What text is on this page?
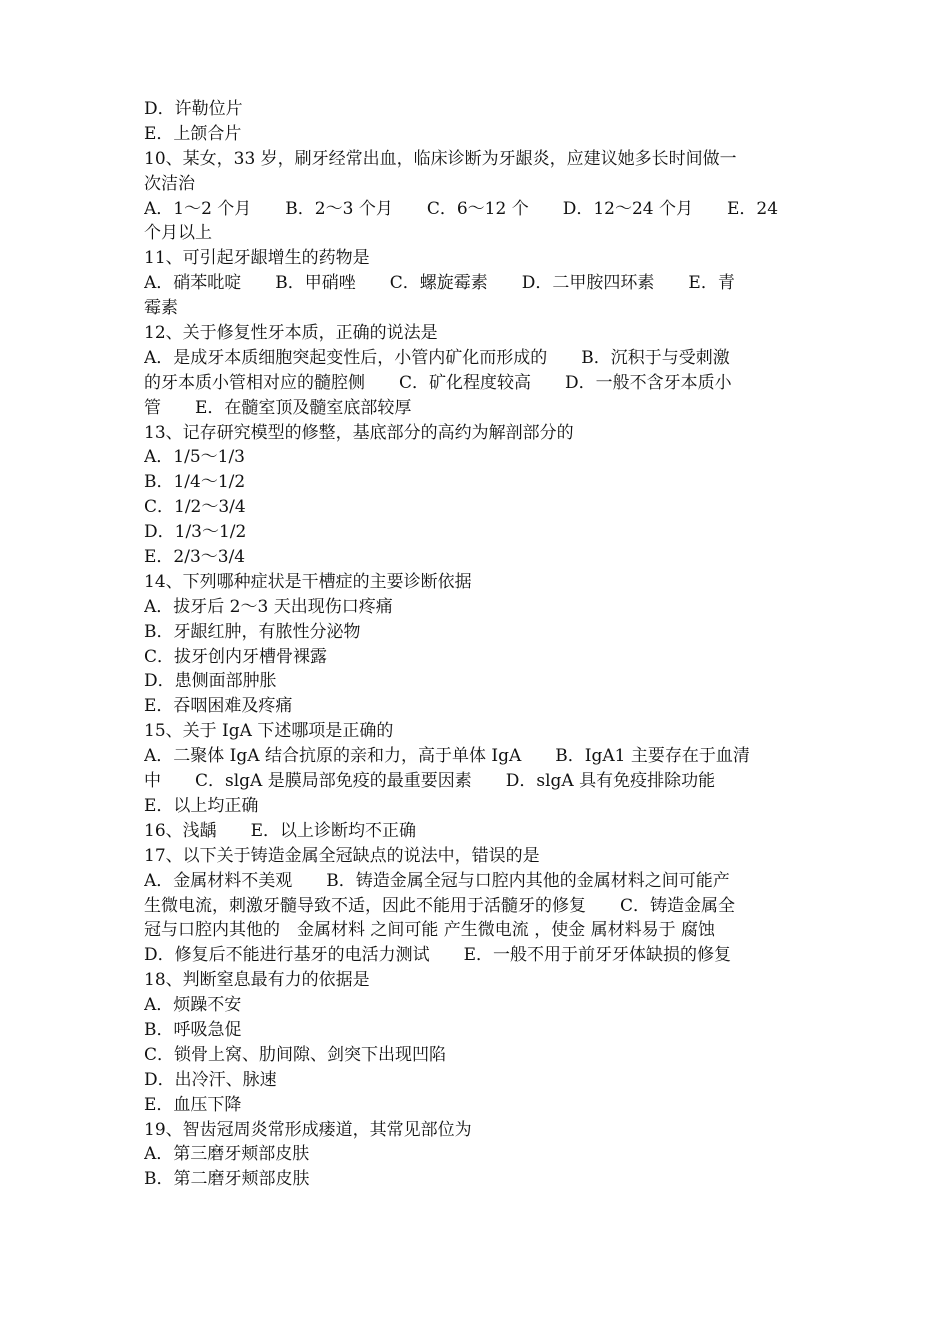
D．许勒位片
E．上颌合片
10、某女，33 岁，刷牙经常出血，临床诊断为牙龈炎，应建议她多长时间做一
次洁治
A．1～2 个月　　B．2～3 个月　　C．6～12 个　　D．12～24 个月　　E．24
个月以上
11、可引起牙龈增生的药物是
A．硝苯吡啶　　B．甲硝唑　　C．螺旋霉素　　D．二甲胺四环素　　E．青
霉素
12、关于修复性牙本质，正确的说法是
A．是成牙本质细胞突起变性后，小管内矿化而形成的　　B．沉积于与受刺激
的牙本质小管相对应的髓腔侧　　C．矿化程度较高　　D．一般不含牙本质小
管　　E．在髓室顶及髓室底部较厚
13、记存研究模型的修整，基底部分的高约为解剖部分的
A．1/5～1/3
B．1/4～1/2
C．1/2～3/4
D．1/3～1/2
E．2/3～3/4
14、下列哪种症状是干槽症的主要诊断依据
A．拔牙后 2～3 天出现伤口疼痛
B．牙龈红肿，有脓性分泌物
C．拔牙创内牙槽骨裸露
D．患侧面部肿胀
E．吞咽困难及疼痛
15、关于 IgA 下述哪项是正确的
A．二聚体 IgA 结合抗原的亲和力，高于单体 IgA　　B．IgA1 主要存在于血清
中　　C．slgA 是膜局部免疫的最重要因素　　D．slgA 具有免疫排除功能
E．以上均正确
16、浅龋　　E．以上诊断均不正确
17、以下关于铸造金属全冠缺点的说法中，错误的是
A．金属材料不美观　　B．铸造金属全冠与口腔内其他的金属材料之间可能产
生微电流，刺激牙髓导致不适，因此不能用于活髓牙的修复　　C．铸造金属全
冠与口腔内其他的　金属材料 之间可能 产生微电流 ，使金 属材料易于 腐蚀
D．修复后不能进行基牙的电活力测试　　E．一般不用于前牙牙体缺损的修复
18、判断窒息最有力的依据是
A．烦躁不安
B．呼吸急促
C．锁骨上窝、肋间隙、剑突下出现凹陷
D．出冷汗、脉速
E．血压下降
19、智齿冠周炎常形成瘘道，其常见部位为
A．第三磨牙颊部皮肤
B．第二磨牙颊部皮肤
